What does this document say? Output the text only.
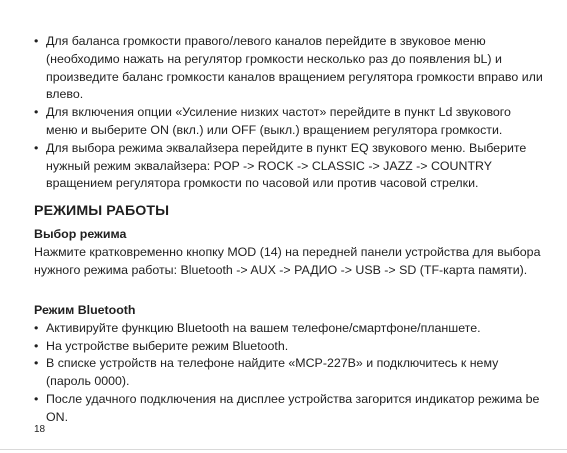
• Для баланса громкости правого/левого каналов перейдите в звуковое меню (необходимо нажать на регулятор громкости несколько раз до появления bL) и произведите баланс громкости каналов вращением регулятора громкости вправо или влево.

• Для включения опции «Усиление низких частот» перейдите в пункт Ld звукового меню и выберите ON (вкл.) или OFF (выкл.) вращением регулятора громкости.

• Для выбора режима эквалайзера перейдите в пункт EQ звукового меню. Выберите нужный режим эквалайзера: POP -> ROCK -> CLASSIC -> JAZZ -> COUNTRY вращением регулятора громкости по часовой или против часовой стрелки.

РЕЖИМЫ РАБОТЫ

Выбор режима

Нажмите кратковременно кнопку MOD (14) на передней панели устройства для выбора нужного режима работы: Bluetooth -> AUX -> РАДИО -> USB -> SD (TF-карта памяти).

Режим Bluetooth

• Активируйте функцию Bluetooth на вашем телефоне/смартфоне/планшете.

• На устройстве выберите режим Bluetooth.

• В списке устройств на телефоне найдите «MCP-227B» и подключитесь к нему (пароль 0000).

• После удачного подключения на дисплее устройства загорится индикатор режима be ON.

18
